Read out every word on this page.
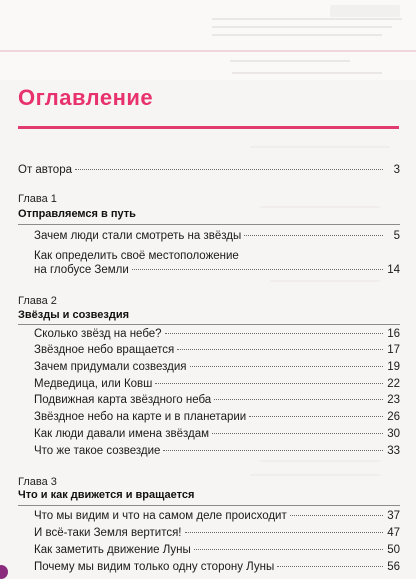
Оглавление
От автора	3
Глава 1
Отправляемся в путь
Зачем люди стали смотреть на звёзды	5
Как определить своё местоположение
на глобусе Земли	14
Глава 2
Звёзды и созвездия
Сколько звёзд на небе?	16
Звёздное небо вращается	17
Зачем придумали созвездия	19
Медведица, или Ковш	22
Подвижная карта звёздного неба	23
Звёздное небо на карте и в планетарии	26
Как люди давали имена звёздам	30
Что же такое созвездие	33
Глава 3
Что и как движется и вращается
Что мы видим и что на самом деле происходит	37
И всё-таки Земля вертится!	47
Как заметить движение Луны	50
Почему мы видим только одну сторону Луны	56
